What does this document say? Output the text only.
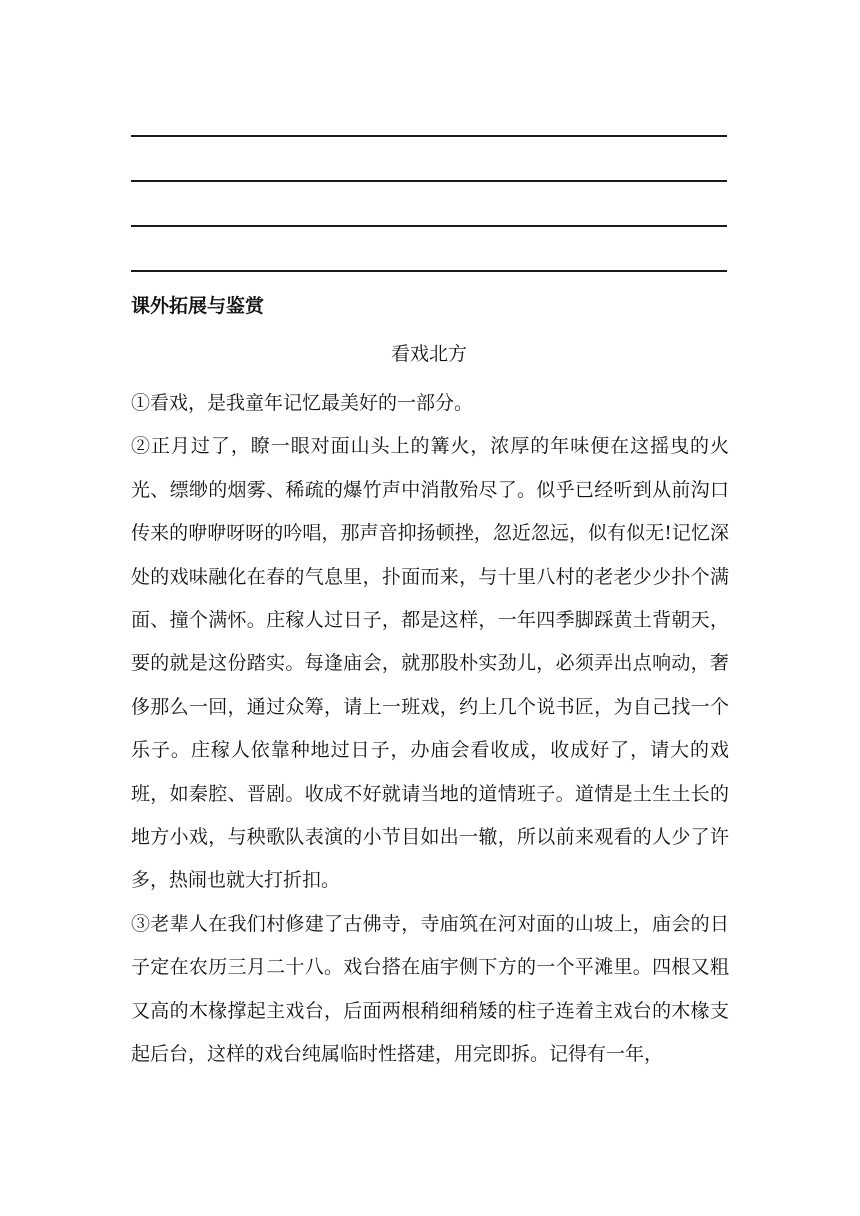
课外拓展与鉴赏
看戏北方

①看戏，是我童年记忆最美好的一部分。

②正月过了，瞭一眼对面山头上的篝火，浓厚的年味便在这摇曳的火光、缥缈的烟雾、稀疏的爆竹声中消散殆尽了。似乎已经听到从前沟口传来的咿咿呀呀的吟唱，那声音抑扬顿挫，忽近忽远，似有似无!记忆深处的戏味融化在春的气息里，扑面而来，与十里八村的老老少少扑个满面、撞个满怀。庄稼人过日子，都是这样，一年四季脚踩黄土背朝天，要的就是这份踏实。每逢庙会，就那股朴实劲儿，必须弄出点响动，奢侈那么一回，通过众筹，请上一班戏，约上几个说书匠，为自己找一个乐子。庄稼人依靠种地过日子，办庙会看收成，收成好了，请大的戏班，如秦腔、晋剧。收成不好就请当地的道情班子。道情是土生土长的地方小戏，与秧歌队表演的小节目如出一辙，所以前来观看的人少了许多，热闹也就大打折扣。

③老辈人在我们村修建了古佛寺，寺庙筑在河对面的山坡上，庙会的日子定在农历三月二十八。戏台搭在庙宇侧下方的一个平滩里。四根又粗又高的木椽撑起主戏台，后面两根稍细稍矮的柱子连着主戏台的木椽支起后台，这样的戏台纯属临时性搭建，用完即拆。记得有一年，
